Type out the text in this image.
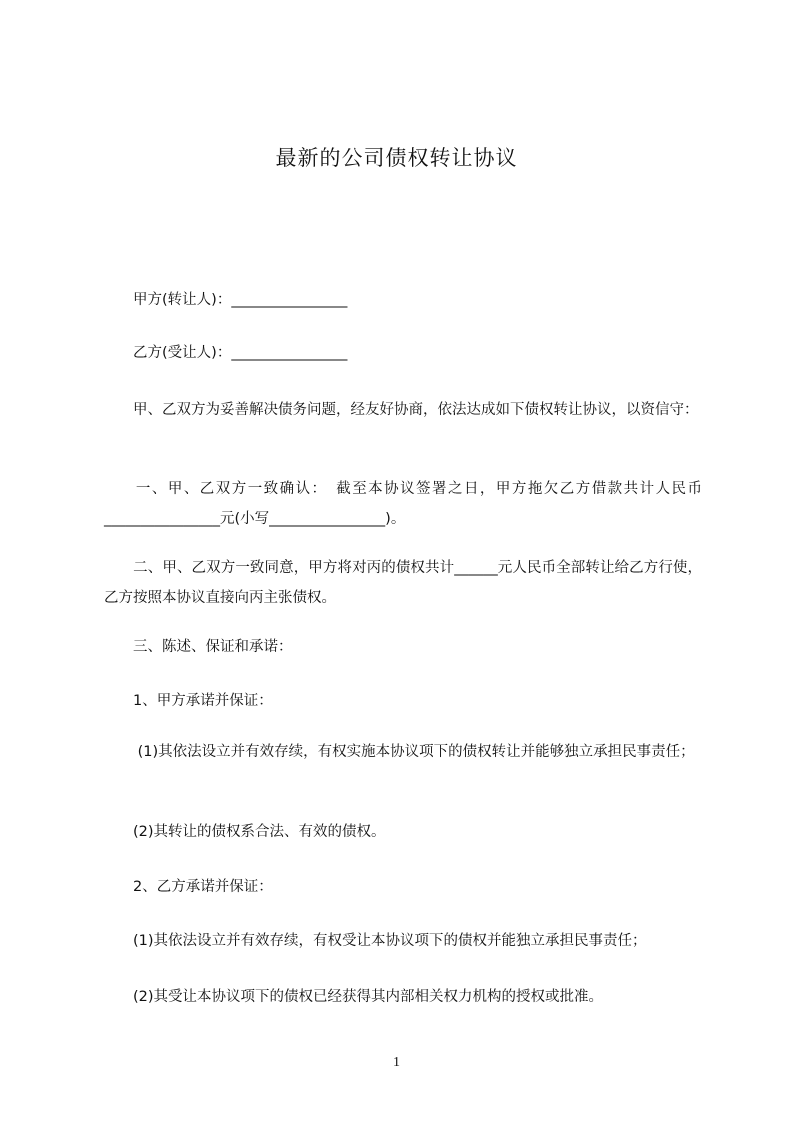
最新的公司债权转让协议
　　甲方(转让人)：________________
　　乙方(受让人)：________________
　　甲、乙双方为妥善解决债务问题，经友好协商，依法达成如下债权转让协议，以资信守：
　　一、甲、乙双方一致确认：　截至本协议签署之日，甲方拖欠乙方借款共计人民币________________元(小写________________)。
　　二、甲、乙双方一致同意，甲方将对丙的债权共计______元人民币全部转让给乙方行使，乙方按照本协议直接向丙主张债权。
　　三、陈述、保证和承诺：
　　1、甲方承诺并保证：
　　 (1)其依法设立并有效存续，有权实施本协议项下的债权转让并能够独立承担民事责任；
　　(2)其转让的债权系合法、有效的债权。
　　2、乙方承诺并保证：
　　(1)其依法设立并有效存续，有权受让本协议项下的债权并能独立承担民事责任；
　　(2)其受让本协议项下的债权已经获得其内部相关权力机构的授权或批准。
1
